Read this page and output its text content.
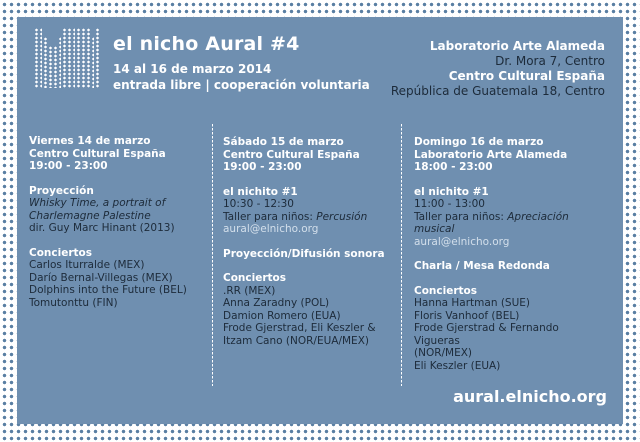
el nicho Aural #4
14 al 16 de marzo 2014
entrada libre | cooperación voluntaria
Laboratorio Arte Alameda
Dr. Mora 7, Centro
Centro Cultural España
República de Guatemala 18, Centro
Viernes 14 de marzo
Centro Cultural España
19:00 - 23:00
Proyección
Whisky Time, a portrait of
Charlemagne Palestine
dir. Guy Marc Hinant (2013)
Conciertos
Carlos Iturralde (MEX)
Darío Bernal-Villegas (MEX)
Dolphins into the Future (BEL)
Tomutonttu (FIN)
Sábado 15 de marzo
Centro Cultural España
19:00 - 23:00
el nichito #1
10:30 - 12:30
Taller para niños: Percusión
aural@elnicho.org
Proyección/Difusión sonora
Conciertos
.RR (MEX)
Anna Zaradny (POL)
Damion Romero (EUA)
Frode Gjerstrad, Eli Keszler &
Itzam Cano (NOR/EUA/MEX)
Domingo 16 de marzo
Laboratorio Arte Alameda
18:00 - 23:00
el nichito #1
11:00 - 13:00
Taller para niños: Apreciación musical
aural@elnicho.org
Charla / Mesa Redonda
Conciertos
Hanna Hartman (SUE)
Floris Vanhoof (BEL)
Frode Gjerstrad & Fernando Vigueras
(NOR/MEX)
Eli Keszler (EUA)
aural.elnicho.org
